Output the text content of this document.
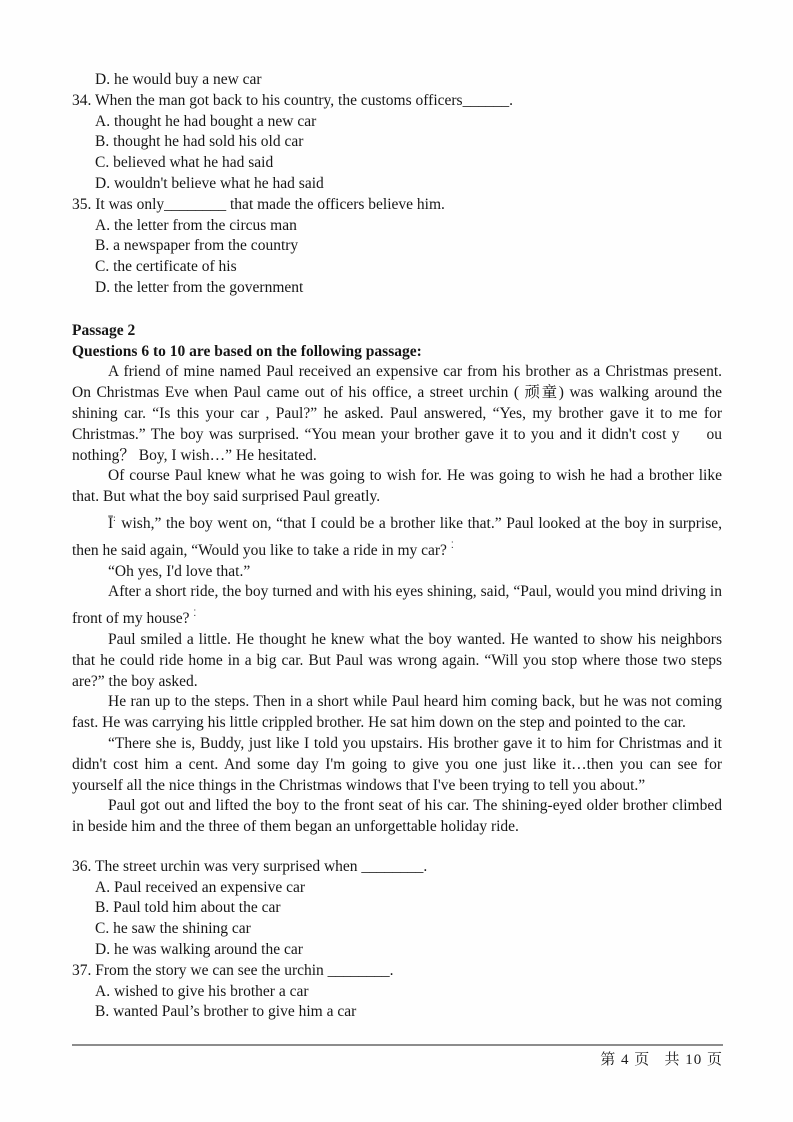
D. he would buy a new car
34. When the man got back to his country, the customs officers______.
A. thought he had bought a new car
B. thought he had sold his old car
C. believed what he had said
D. wouldn't believe what he had said
35. It was only________ that made the officers believe him.
A. the letter from the circus man
B. a newspaper from the country
C. the certificate of his
D. the letter from the government

Passage 2

Questions 6 to 10 are based on the following passage:

A friend of mine named Paul received an expensive car from his brother as a Christmas present. On Christmas Eve when Paul came out of his office, a street urchin ( 顽童) was walking around the shining car. “Is this your car , Paul?” he asked. Paul answered, “Yes, my brother gave it to me for Christmas.” The boy was surprised. “You mean your brother gave it to you and it didn't cost y     ou nothing？ Boy, I wish…” He hesitated.

Of course Paul knew what he was going to wish for. He was going to wish he had a brother like that. But what the boy said surprised Paul greatly.

Ī: wish,” the boy went on, “that I could be a brother like that.” Paul looked at the boy in surprise, then he said again, “Would you like to take a ride in my car? ⁚

“Oh yes, I'd love that.”

After a short ride, the boy turned and with his eyes shining, said, “Paul, would you mind driving in front of my house? ⁚

Paul smiled a little. He thought he knew what the boy wanted. He wanted to show his neighbors that he could ride home in a big car. But Paul was wrong again. “Will you stop where those two steps are?” the boy asked.

He ran up to the steps. Then in a short while Paul heard him coming back, but he was not coming fast. He was carrying his little crippled brother. He sat him down on the step and pointed to the car.

“There she is, Buddy, just like I told you upstairs. His brother gave it to him for Christmas and it didn't cost him a cent. And some day I'm going to give you one just like it…then you can see for yourself all the nice things in the Christmas windows that I've been trying to tell you about.”

Paul got out and lifted the boy to the front seat of his car. The shining-eyed older brother climbed in beside him and the three of them began an unforgettable holiday ride.

36. The street urchin was very surprised when ________.
A. Paul received an expensive car
B. Paul told him about the car
C. he saw the shining car
D. he was walking around the car
37. From the story we can see the urchin ________.
A. wished to give his brother a car
B. wanted Paul’s brother to give him a car
第 4 页   共 10 页
